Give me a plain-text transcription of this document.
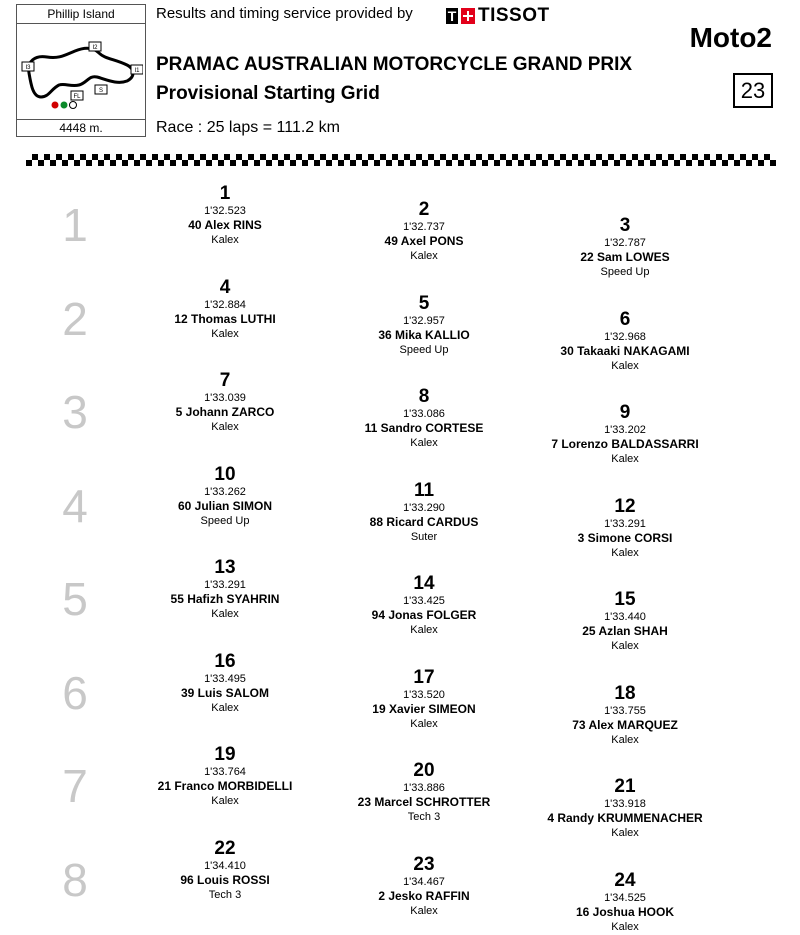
Phillip Island
I2
I3	I1
FL
S
4448 m.
Results and timing service provided by T TISSOT
Moto2
PRAMAC AUSTRALIAN MOTORCYCLE GRAND PRIX
Provisional Starting Grid	23
Race : 25 laps = 111.2 km
1
1
1'32.523
40 Alex RINS
Kalex
2
1'32.737
49 Axel PONS
Kalex
3
1'32.787
22 Sam LOWES
Speed Up
2
4
1'32.884
12 Thomas LUTHI
Kalex
5
1'32.957
36 Mika KALLIO
Speed Up
6
1'32.968
30 Takaaki NAKAGAMI
Kalex
3
7
1'33.039
5 Johann ZARCO
Kalex
8
1'33.086
11 Sandro CORTESE
Kalex
9
1'33.202
7 Lorenzo BALDASSARRI
Kalex
4
10
1'33.262
60 Julian SIMON
Speed Up
11
1'33.290
88 Ricard CARDUS
Suter
12
1'33.291
3 Simone CORSI
Kalex
5
13
1'33.291
55 Hafizh SYAHRIN
Kalex
14
1'33.425
94 Jonas FOLGER
Kalex
15
1'33.440
25 Azlan SHAH
Kalex
6
16
1'33.495
39 Luis SALOM
Kalex
17
1'33.520
19 Xavier SIMEON
Kalex
18
1'33.755
73 Alex MARQUEZ
Kalex
7
19
1'33.764
21 Franco MORBIDELLI
Kalex
20
1'33.886
23 Marcel SCHROTTER
Tech 3
21
1'33.918
4 Randy KRUMMENACHER
Kalex
8
22
1'34.410
96 Louis ROSSI
Tech 3
23
1'34.467
2 Jesko RAFFIN
Kalex
24
1'34.525
16 Joshua HOOK
Kalex
